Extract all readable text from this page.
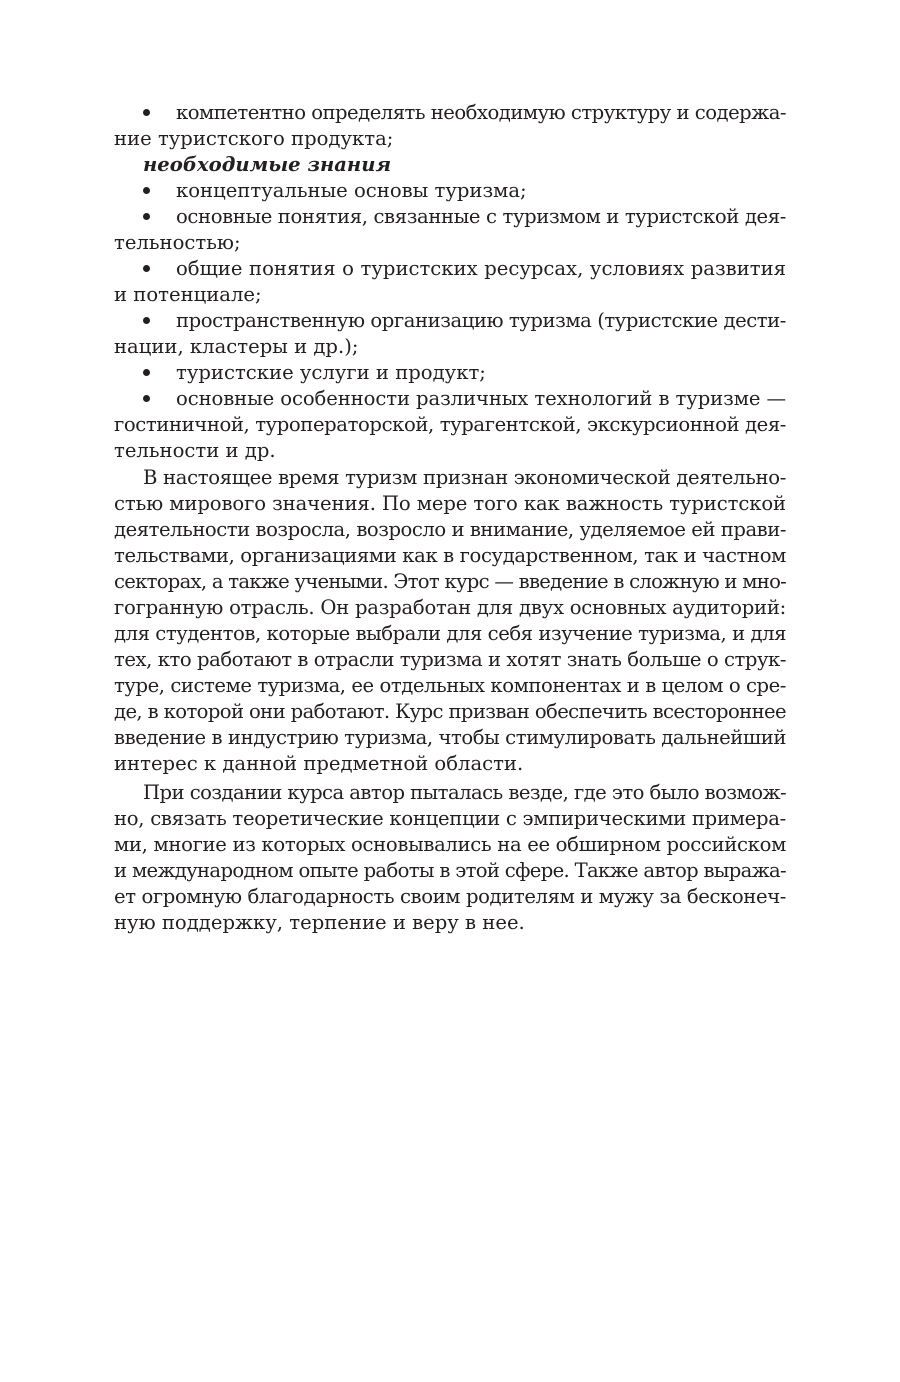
компетентно определять необходимую структуру и содержа-
ние туристского продукта;

необходимые знания

концептуальные основы туризма;
основные понятия, связанные с туризмом и туристской дея-
тельностью;
общие понятия о туристских ресурсах, условиях развития
и потенциале;
пространственную организацию туризма (туристские дести-
нации, кластеры и др.);
туристские услуги и продукт;
основные особенности различных технологий в туризме —
гостиничной, туроператорской, турагентской, экскурсионной дея-
тельности и др.
В настоящее время туризм признан экономической деятельно-
стью мирового значения. По мере того как важность туристской
деятельности возросла, возросло и внимание, уделяемое ей прави-
тельствами, организациями как в государственном, так и частном
секторах, а также учеными. Этот курс — введение в сложную и мно-
гогранную отрасль. Он разработан для двух основных аудиторий:
для студентов, которые выбрали для себя изучение туризма, и для
тех, кто работают в отрасли туризма и хотят знать больше о струк-
туре, системе туризма, ее отдельных компонентах и в целом о сре-
де, в которой они работают. Курс призван обеспечить всестороннее
введение в индустрию туризма, чтобы стимулировать дальнейший
интерес к данной предметной области.
При создании курса автор пыталась везде, где это было возмож-
но, связать теоретические концепции с эмпирическими примера-
ми, многие из которых основывались на ее обширном российском
и международном опыте работы в этой сфере. Также автор выража-
ет огромную благодарность своим родителям и мужу за бесконеч-
ную поддержку, терпение и веру в нее.
